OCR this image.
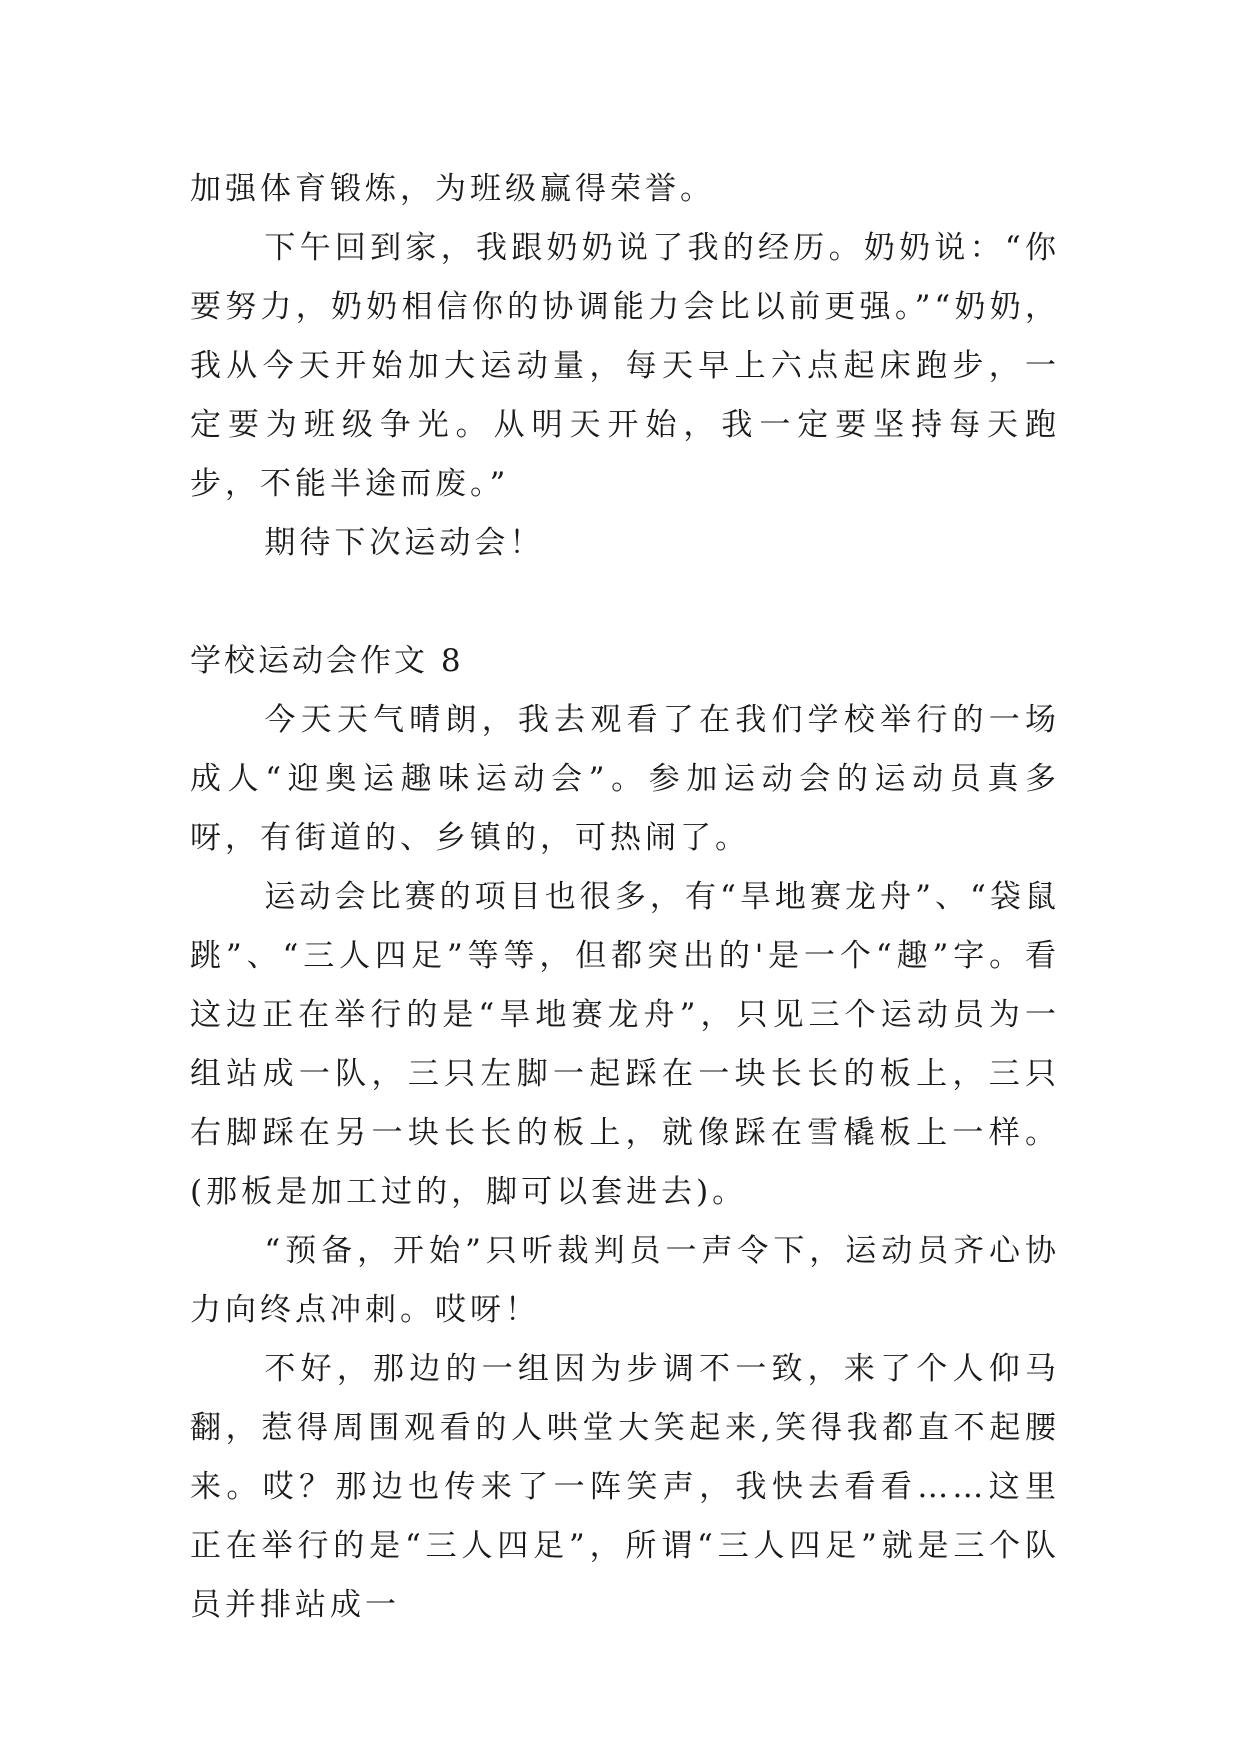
加强体育锻炼，为班级赢得荣誉。

下午回到家，我跟奶奶说了我的经历。奶奶说：“你要努力，奶奶相信你的协调能力会比以前更强。”“奶奶，我从今天开始加大运动量，每天早上六点起床跑步，一定要为班级争光。从明天开始，我一定要坚持每天跑步，不能半途而废。”

期待下次运动会！

学校运动会作文 8

今天天气晴朗，我去观看了在我们学校举行的一场成人“迎奥运趣味运动会”。参加运动会的运动员真多呀，有街道的、乡镇的，可热闹了。

运动会比赛的项目也很多，有“旱地赛龙舟”、“袋鼠跳”、“三人四足”等等，但都突出的'是一个“趣”字。看这边正在举行的是“旱地赛龙舟”，只见三个运动员为一组站成一队，三只左脚一起踩在一块长长的板上，三只右脚踩在另一块长长的板上，就像踩在雪橇板上一样。(那板是加工过的，脚可以套进去)。

“预备，开始”只听裁判员一声令下，运动员齐心协力向终点冲刺。哎呀！

不好，那边的一组因为步调不一致，来了个人仰马翻，惹得周围观看的人哄堂大笑起来,笑得我都直不起腰来。哎？那边也传来了一阵笑声，我快去看看……这里正在举行的是“三人四足”，所谓“三人四足”就是三个队员并排站成一
